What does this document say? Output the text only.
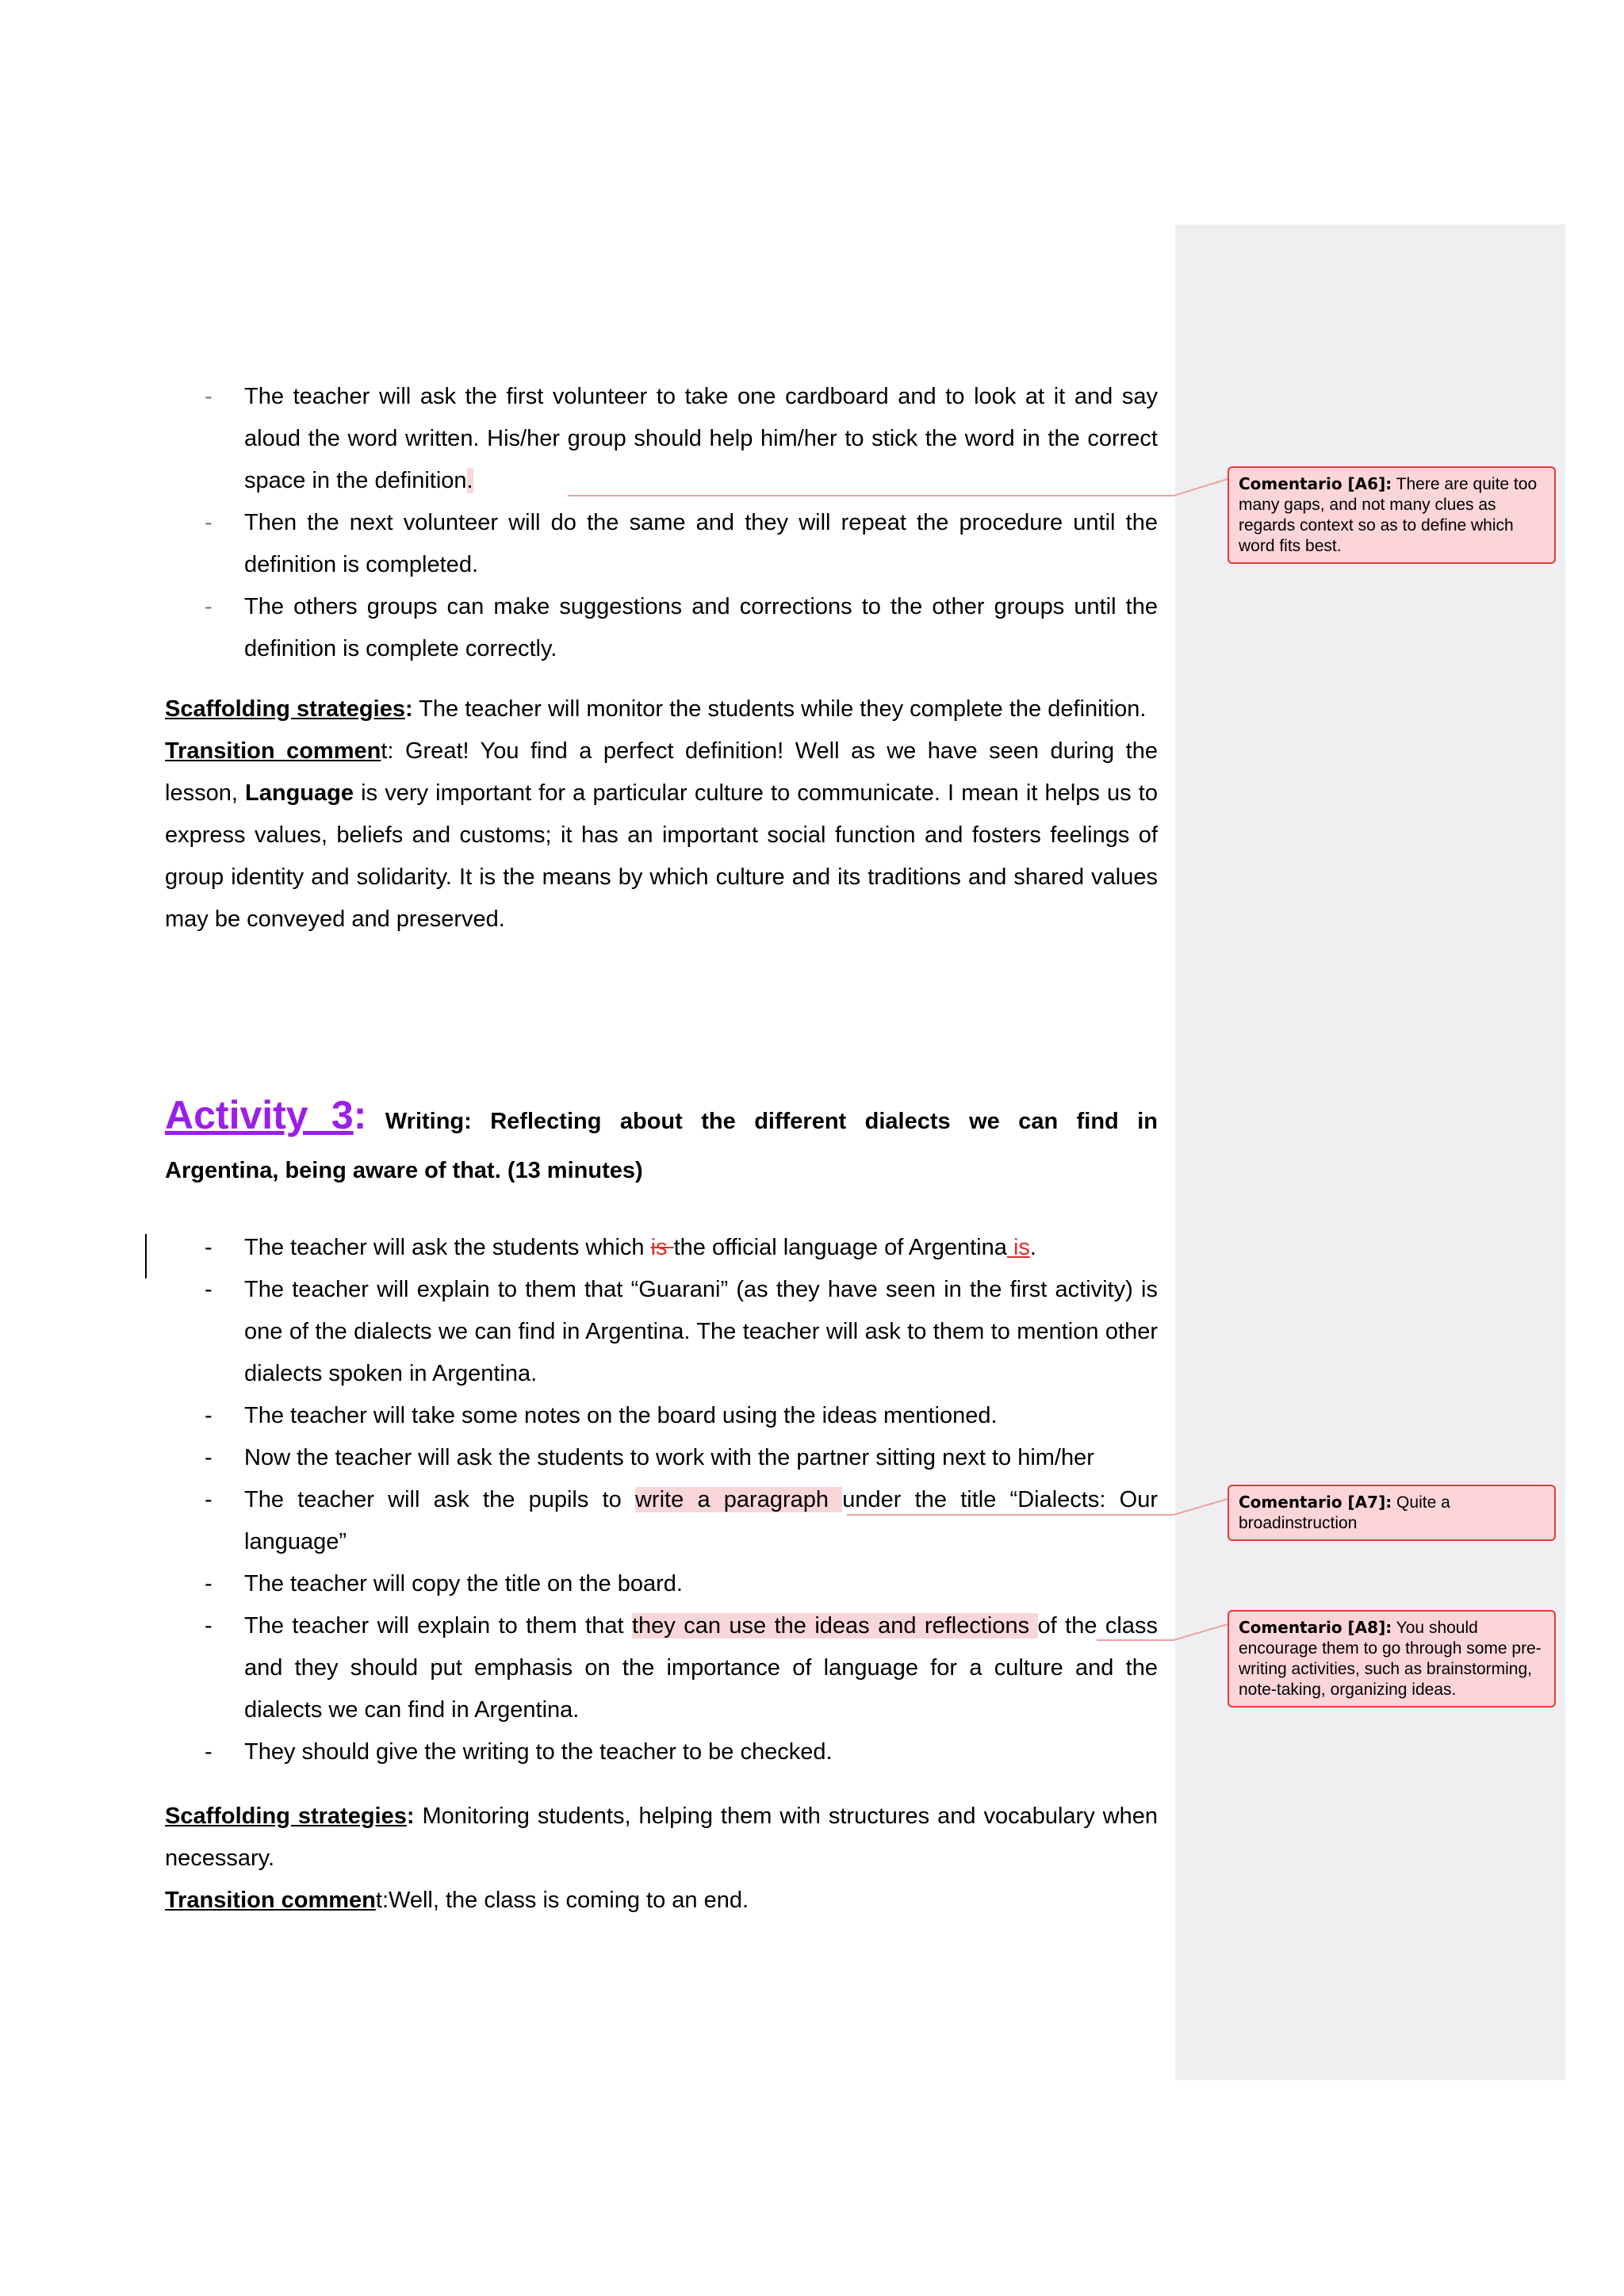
- The teacher will ask the first volunteer to take one cardboard and to look at it and say aloud the word written. His/her group should help him/her to stick the word in the correct space in the definition.

- Then the next volunteer will do the same and they will repeat the procedure until the definition is completed.

- The others groups can make suggestions and corrections to the other groups until the definition is complete correctly.

Scaffolding strategies: The teacher will monitor the students while they complete the definition.

Transition comment: Great! You find a perfect definition! Well as we have seen during the lesson, Language is very important for a particular culture to communicate. I mean it helps us to express values, beliefs and customs; it has an important social function and fosters feelings of group identity and solidarity. It is the means by which culture and its traditions and shared values may be conveyed and preserved.

Activity 3: Writing: Reflecting about the different dialects we can find in
Argentina, being aware of that. (13 minutes)

- The teacher will ask the students which is the official language of Argentina is.

- The teacher will explain to them that “Guarani” (as they have seen in the first activity) is one of the dialects we can find in Argentina. The teacher will ask to them to mention other dialects spoken in Argentina.

- The teacher will take some notes on the board using the ideas mentioned.

- Now the teacher will ask the students to work with the partner sitting next to him/her

- The teacher will ask the pupils to write a paragraph under the title “Dialects: Our language”

- The teacher will copy the title on the board.

- The teacher will explain to them that they can use the ideas and reflections of the class and they should put emphasis on the importance of language for a culture and the dialects we can find in Argentina.

- They should give the writing to the teacher to be checked.

Scaffolding strategies: Monitoring students, helping them with structures and vocabulary when necessary.

Transition comment:Well, the class is coming to an end.

Comentario [A6]: There are quite too many gaps, and not many clues as regards context so as to define which word fits best.
Comentario [A7]: Quite a broadinstruction
Comentario [A8]: You should encourage them to go through some pre-writing activities, such as brainstorming, note-taking, organizing ideas.
